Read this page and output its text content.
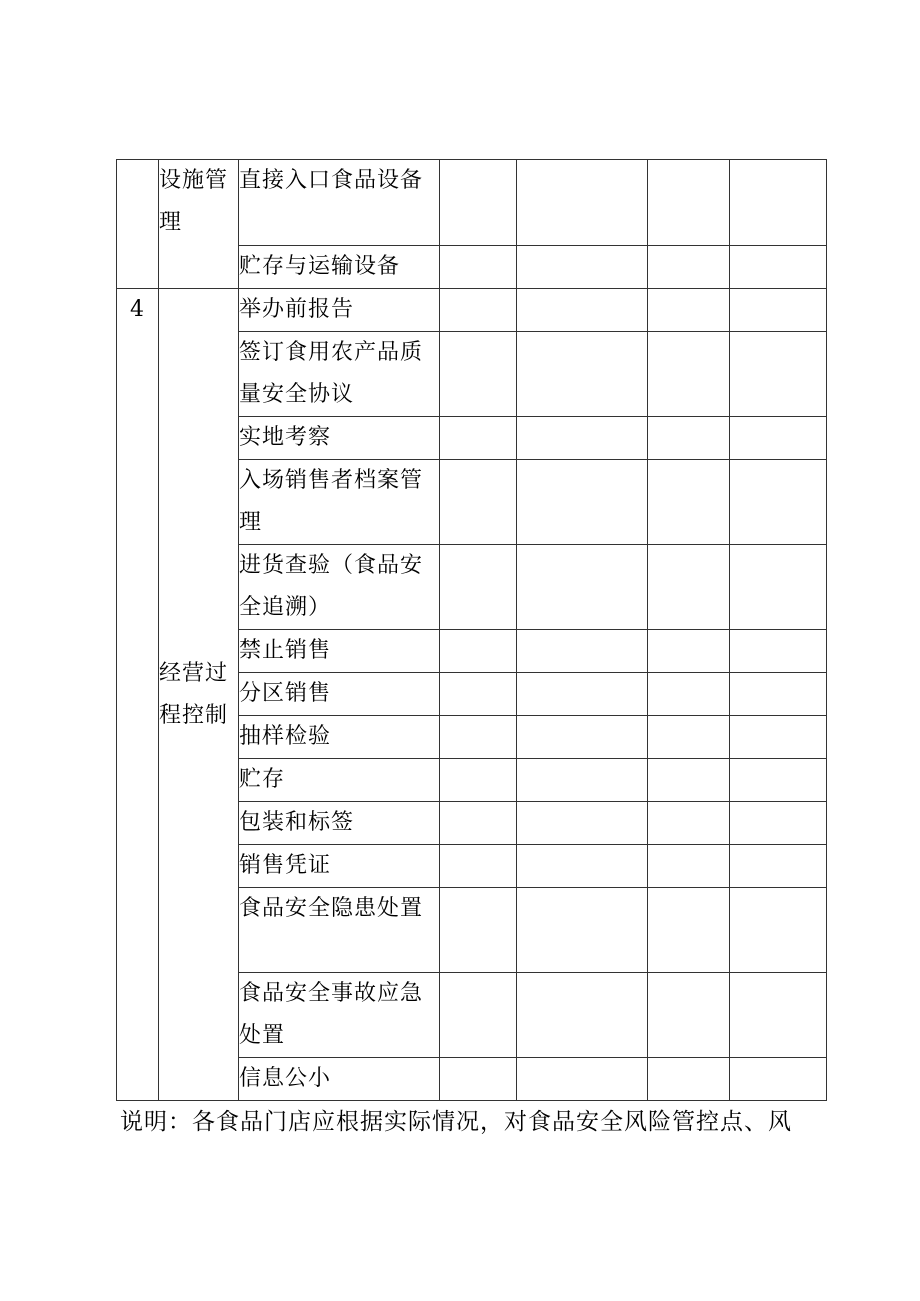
	设施管理	直接入口食品设备				
		贮存与运输设备				
4	经营过程控制	举办前报告				
		签订食用农产品质量安全协议				
		实地考察				
		入场销售者档案管理				
		进货查验（食品安全追溯）				
		禁止销售				
		分区销售				
		抽样检验				
		贮存				
		包装和标签				
		销售凭证				
		食品安全隐患处置				
		食品安全事故应急处置				
		信息公小				
说明：各食品门店应根据实际情况，对食品安全风险管控点、风
